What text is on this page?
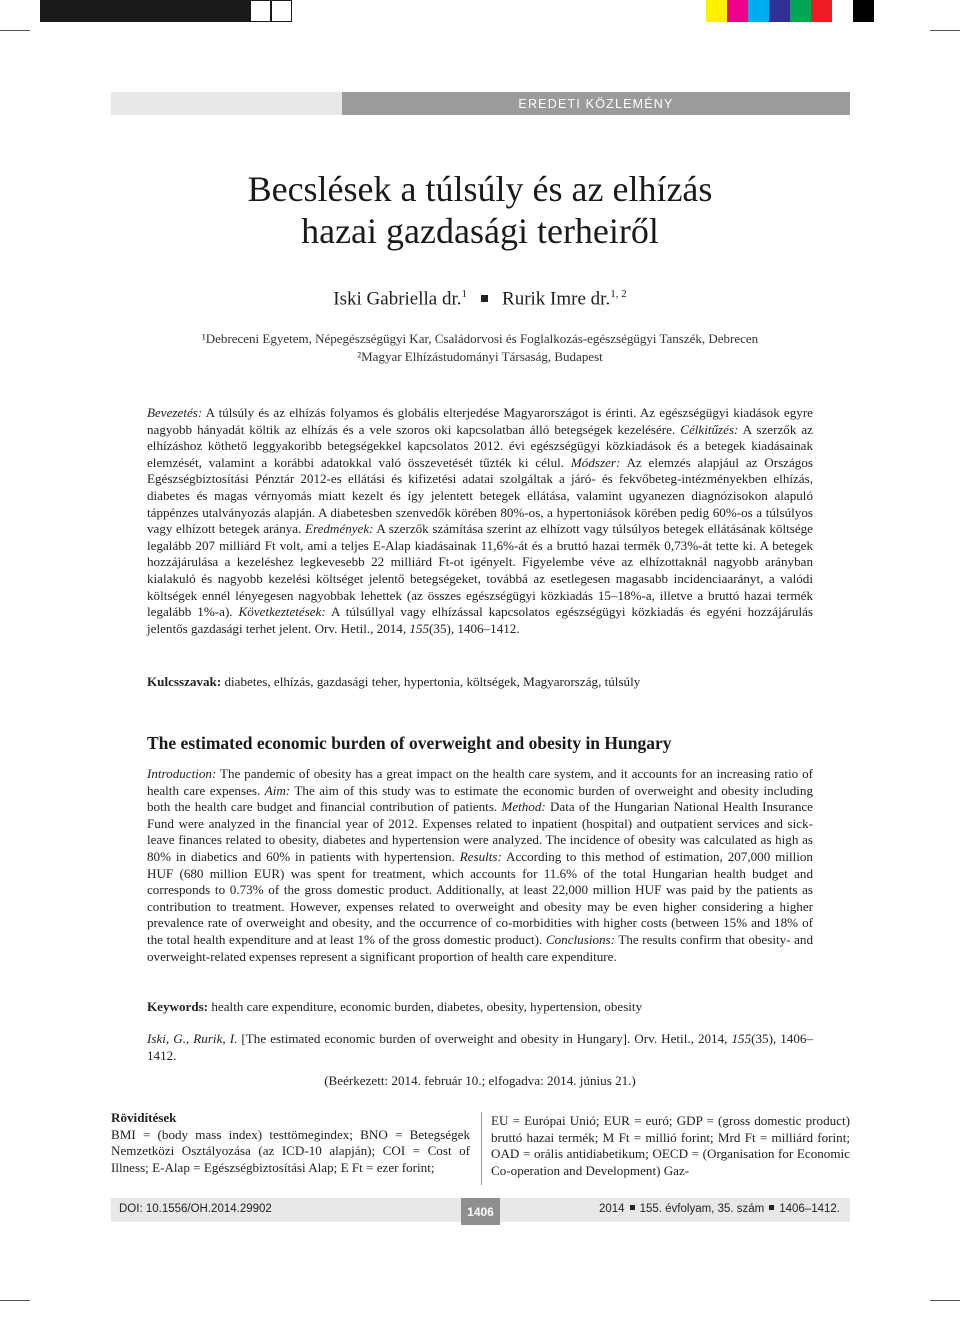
EREDETI KÖZLEMÉNY
Becslések a túlsúly és az elhízás
hazai gazdasági terheiről
Iski Gabriella dr.$^1$ Rurik Imre dr.$^{1, 2}$
¹Debreceni Egyetem, Népegészségügyi Kar, Családorvosi és Foglalkozás-egészségügyi Tanszék, Debrecen
²Magyar Elhízástudományi Társaság, Budapest
Bevezetés: A túlsúly és az elhízás folyamos és globális elterjedése Magyarországot is érinti. Az egészségügyi kiadások egyre nagyobb hányadát költik az elhízás és a vele szoros oki kapcsolatban álló betegségek kezelésére. Célkitűzés: A szerzők az elhízáshoz köthető leggyakoribb betegségekkel kapcsolatos 2012. évi egészségügyi közkiadások és a betegek kiadásainak elemzését, valamint a korábbi adatokkal való összevetését tűzték ki célul. Módszer: Az elemzés alapjául az Országos Egészségbiztosítási Pénztár 2012-es ellátási és kifizetési adatai szolgáltak a járó- és fekvőbeteg-intézményekben elhízás, diabetes és magas vérnyomás miatt kezelt és így jelentett betegek ellátása, valamint ugyanezen diagnózisokon alapuló táppénzes utalványozás alapján. A diabetesben szenvedők körében 80%-os, a hypertoniások körében pedig 60%-os a túlsúlyos vagy elhízott betegek aránya. Eredmények: A szerzők számítása szerint az elhízott vagy túlsúlyos betegek ellátásának költsége legalább 207 milliárd Ft volt, ami a teljes E-Alap kiadásainak 11,6%-át és a bruttó hazai termék 0,73%-át tette ki. A betegek hozzájárulása a kezeléshez legkevesebb 22 milliárd Ft-ot igényelt. Figyelembe véve az elhízottaknál nagyobb arányban kialakuló és nagyobb kezelési költséget jelentő betegségeket, továbbá az esetlegesen magasabb incidenciaarányt, a valódi költségek ennél lényegesen nagyobbak lehettek (az összes egészségügyi közkiadás 15–18%-a, illetve a bruttó hazai termék legalább 1%-a). Következtetések: A túlsúllyal vagy elhízással kapcsolatos egészségügyi közkiadás és egyéni hozzájárulás jelentős gazdasági terhet jelent. Orv. Hetil., 2014, 155(35), 1406–1412.
Kulcsszavak: diabetes, elhízás, gazdasági teher, hypertonia, költségek, Magyarország, túlsúly
The estimated economic burden of overweight and obesity in Hungary
Introduction: The pandemic of obesity has a great impact on the health care system, and it accounts for an increasing ratio of health care expenses. Aim: The aim of this study was to estimate the economic burden of overweight and obesity including both the health care budget and financial contribution of patients. Method: Data of the Hungarian National Health Insurance Fund were analyzed in the financial year of 2012. Expenses related to inpatient (hospital) and outpatient services and sick-leave finances related to obesity, diabetes and hypertension were analyzed. The incidence of obesity was calculated as high as 80% in diabetics and 60% in patients with hypertension. Results: According to this method of estimation, 207,000 million HUF (680 million EUR) was spent for treatment, which accounts for 11.6% of the total Hungarian health budget and corresponds to 0.73% of the gross domestic product. Additionally, at least 22,000 million HUF was paid by the patients as contribution to treatment. However, expenses related to overweight and obesity may be even higher considering a higher prevalence rate of overweight and obesity, and the occurrence of co-morbidities with higher costs (between 15% and 18% of the total health expenditure and at least 1% of the gross domestic product). Conclusions: The results confirm that obesity- and overweight-related expenses represent a significant proportion of health care expenditure.
Keywords: health care expenditure, economic burden, diabetes, obesity, hypertension, obesity
Iski, G., Rurik, I. [The estimated economic burden of overweight and obesity in Hungary]. Orv. Hetil., 2014, 155(35), 1406–1412.
(Beérkezett: 2014. február 10.; elfogadva: 2014. június 21.)
Rövidítések
BMI = (body mass index) testtömegindex; BNO = Betegségek Nemzetközi Osztályozása (az ICD-10 alapján); COI = Cost of Illness; E-Alap = Egészségbiztosítási Alap; E Ft = ezer forint;
EU = Európai Unió; EUR = euró; GDP = (gross domestic product) bruttó hazai termék; M Ft = millió forint; Mrd Ft = milliárd forint; OAD = orális antidiabetikum; OECD = (Organisation for Economic Co-operation and Development) Gaz-
DOI: 10.1556/OH.2014.29902	2014 155. évfolyam, 35. szám 1406–1412.
1406
